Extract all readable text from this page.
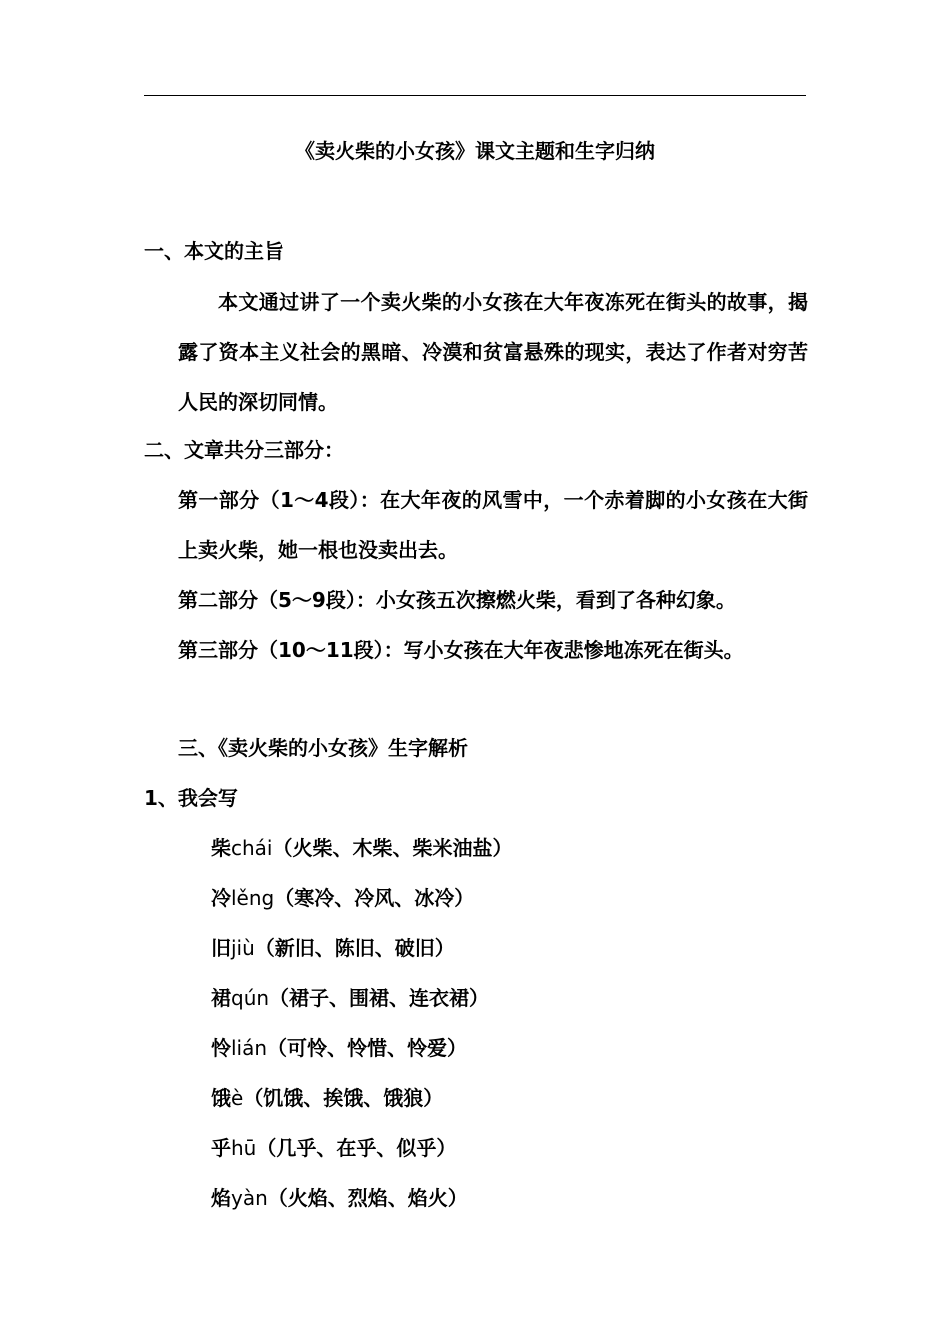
《卖火柴的小女孩》课文主题和生字归纳
一、本文的主旨
本文通过讲了一个卖火柴的小女孩在大年夜冻死在街头的故事，揭露了资本主义社会的黑暗、冷漠和贫富悬殊的现实，表达了作者对穷苦人民的深切同情。
二、文章共分三部分：
第一部分（1～4段）：在大年夜的风雪中，一个赤着脚的小女孩在大街上卖火柴，她一根也没卖出去。
第二部分（5～9段）：小女孩五次擦燃火柴，看到了各种幻象。
第三部分（10～11段）：写小女孩在大年夜悲惨地冻死在街头。
三、《卖火柴的小女孩》生字解析
1、我会写
柴chái（火柴、木柴、柴米油盐）
冷lěng（寒冷、冷风、冰冷）
旧jiù（新旧、陈旧、破旧）
裙qún（裙子、围裙、连衣裙）
怜lián（可怜、怜惜、怜爱）
饿è（饥饿、挨饿、饿狼）
乎hū（几乎、在乎、似乎）
焰yàn（火焰、烈焰、焰火）
